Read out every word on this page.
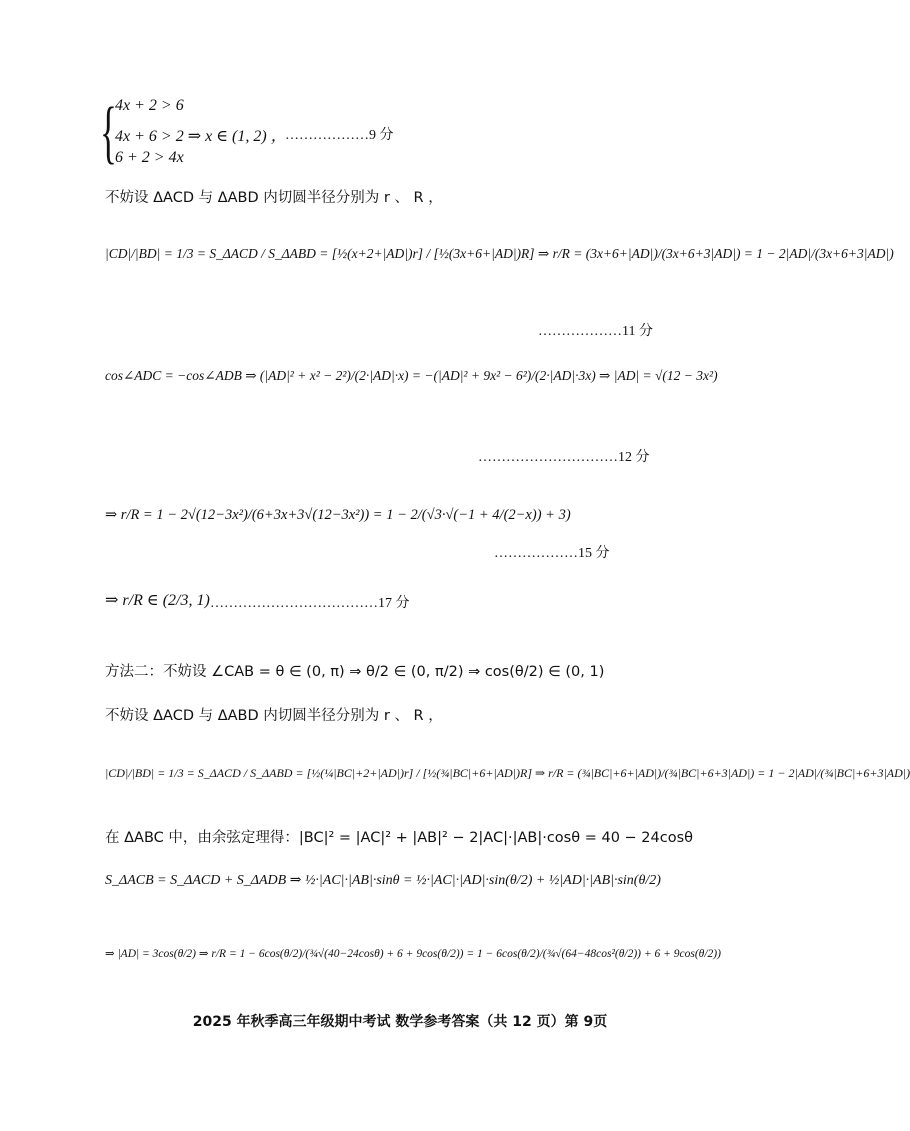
{
4x + 2 > 6
4x + 6 > 2 ⇒ x ∈ (1, 2) ，
6 + 2 > 4x
………………9 分
不妨设 ΔACD 与 ΔABD 内切圆半径分别为 r 、 R ，
|CD|/|BD| = 1/3 = S_ΔACD / S_ΔABD = [½(x+2+|AD|)r] / [½(3x+6+|AD|)R] ⇒ r/R = (3x+6+|AD|)/(3x+6+3|AD|) = 1 − 2|AD|/(3x+6+3|AD|)
………………11 分
cos∠ADC = −cos∠ADB ⇒ (|AD|² + x² − 2²)/(2·|AD|·x) = −(|AD|² + 9x² − 6²)/(2·|AD|·3x) ⇒ |AD| = √(12 − 3x²)
…………………………12 分
⇒ r/R = 1 − 2√(12−3x²)/(6+3x+3√(12−3x²)) = 1 − 2/(√3·√(−1 + 4/(2−x)) + 3)
………………15 分
⇒ r/R ∈ (2/3, 1) ………………………………17 分
方法二：不妨设 ∠CAB = θ ∈ (0, π) ⇒ θ/2 ∈ (0, π/2) ⇒ cos(θ/2) ∈ (0, 1)
不妨设 ΔACD 与 ΔABD 内切圆半径分别为 r 、 R ，
|CD|/|BD| = 1/3 = S_ΔACD / S_ΔABD = [½(¼|BC|+2+|AD|)r] / [½(¾|BC|+6+|AD|)R] ⇒ r/R = (¾|BC|+6+|AD|)/(¾|BC|+6+3|AD|) = 1 − 2|AD|/(¾|BC|+6+3|AD|)
在 ΔABC 中，由余弦定理得：|BC|² = |AC|² + |AB|² − 2|AC|·|AB|·cosθ = 40 − 24cosθ
S_ΔACB = S_ΔACD + S_ΔADB ⇒ ½·|AC|·|AB|·sinθ = ½·|AC|·|AD|·sin(θ/2) + ½|AD|·|AB|·sin(θ/2)
⇒ |AD| = 3cos(θ/2) ⇒ r/R = 1 − 6cos(θ/2)/(¾√(40−24cosθ) + 6 + 9cos(θ/2)) = 1 − 6cos(θ/2)/(¾√(64−48cos²(θ/2)) + 6 + 9cos(θ/2))
2025 年秋季高三年级期中考试 数学参考答案（共 12 页）第 9页
